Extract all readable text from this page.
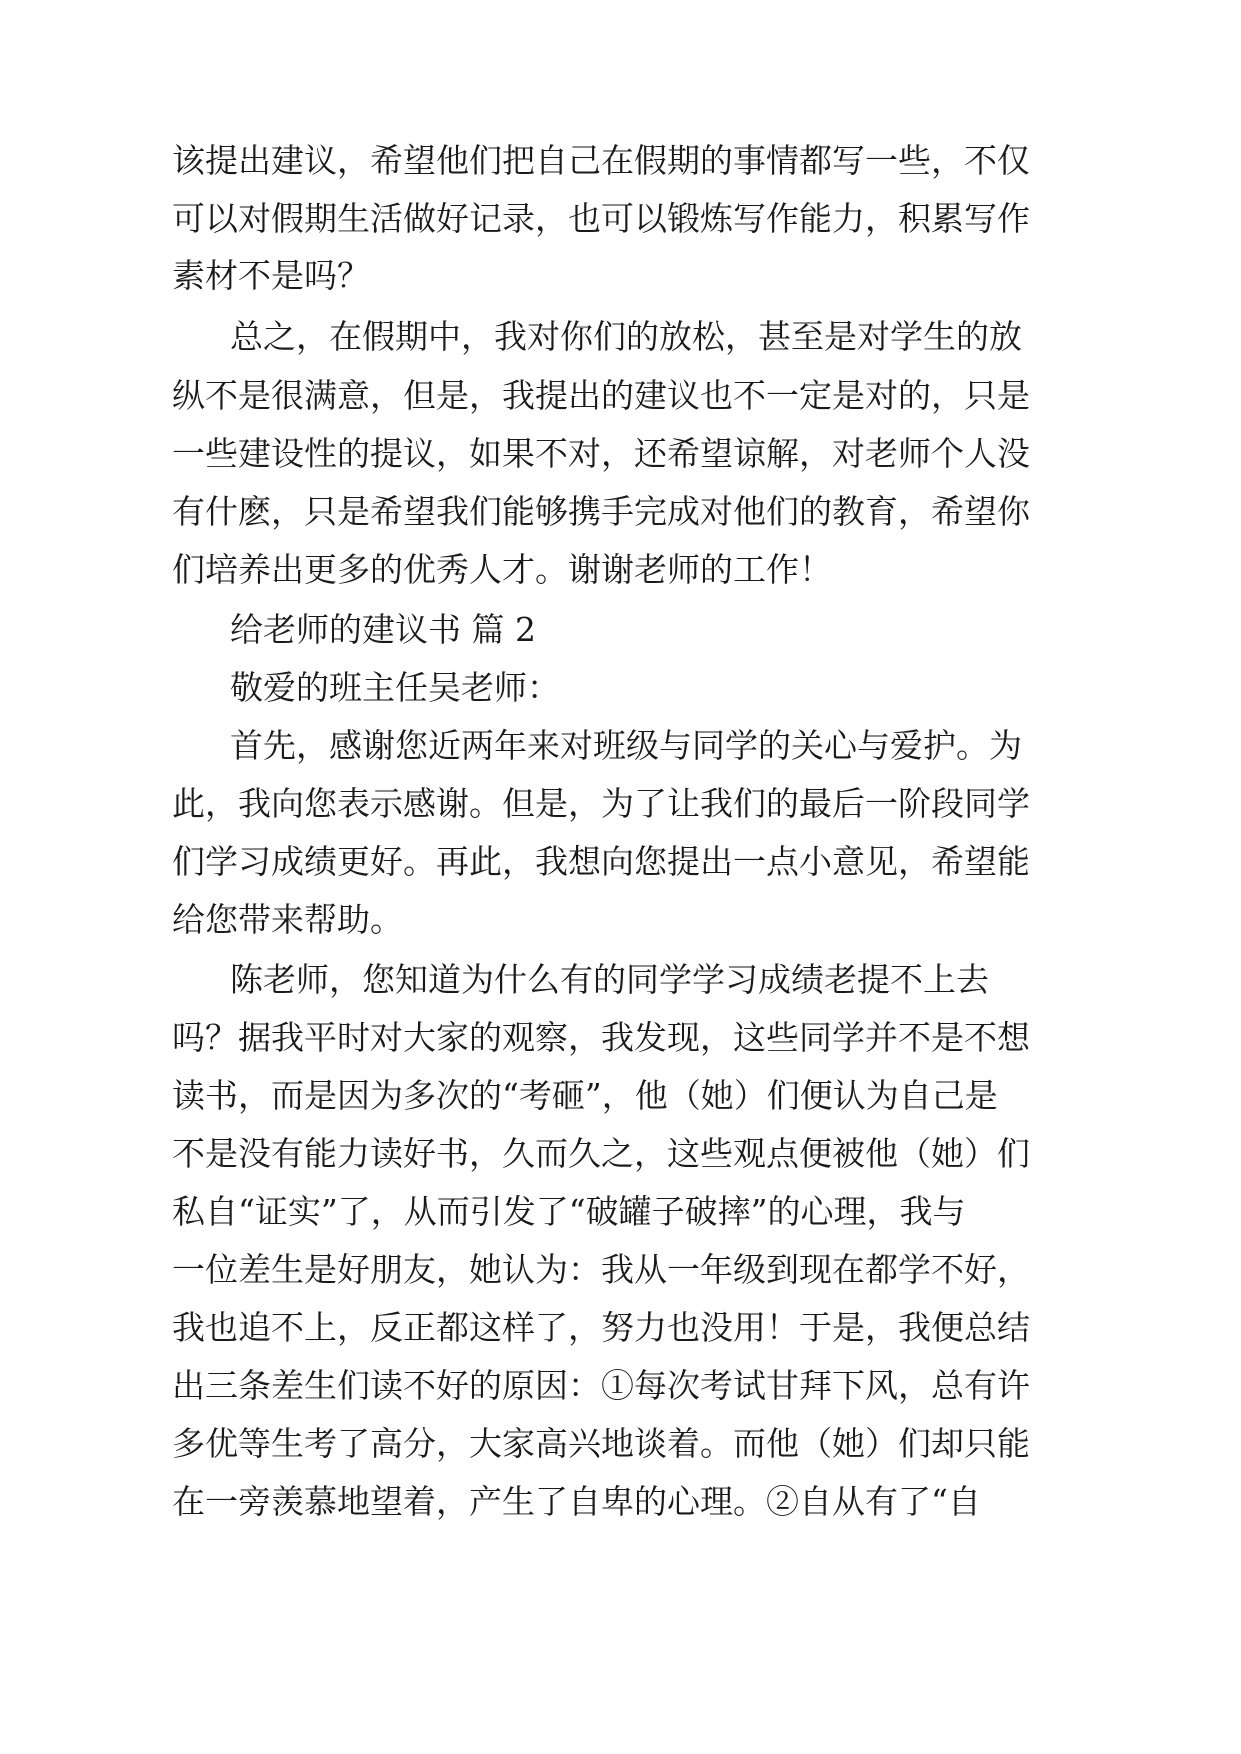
该提出建议，希望他们把自己在假期的事情都写一些，不仅
可以对假期生活做好记录，也可以锻炼写作能力，积累写作
素材不是吗？
总之，在假期中，我对你们的放松，甚至是对学生的放
纵不是很满意，但是，我提出的建议也不一定是对的，只是
一些建设性的提议，如果不对，还希望谅解，对老师个人没
有什麽，只是希望我们能够携手完成对他们的教育，希望你
们培养出更多的优秀人才。谢谢老师的工作！
给老师的建议书 篇 2
敬爱的班主任吴老师：
首先，感谢您近两年来对班级与同学的关心与爱护。为
此，我向您表示感谢。但是，为了让我们的最后一阶段同学
们学习成绩更好。再此，我想向您提出一点小意见，希望能
给您带来帮助。
陈老师，您知道为什么有的同学学习成绩老提不上去
吗？据我平时对大家的观察，我发现，这些同学并不是不想
读书，而是因为多次的“考砸”，他（她）们便认为自己是
不是没有能力读好书，久而久之，这些观点便被他（她）们
私自“证实”了，从而引发了“破罐子破摔”的心理，我与
一位差生是好朋友，她认为：我从一年级到现在都学不好，
我也追不上，反正都这样了，努力也没用！于是，我便总结
出三条差生们读不好的原因：①每次考试甘拜下风，总有许
多优等生考了高分，大家高兴地谈着。而他（她）们却只能
在一旁羡慕地望着，产生了自卑的心理。②自从有了“自
